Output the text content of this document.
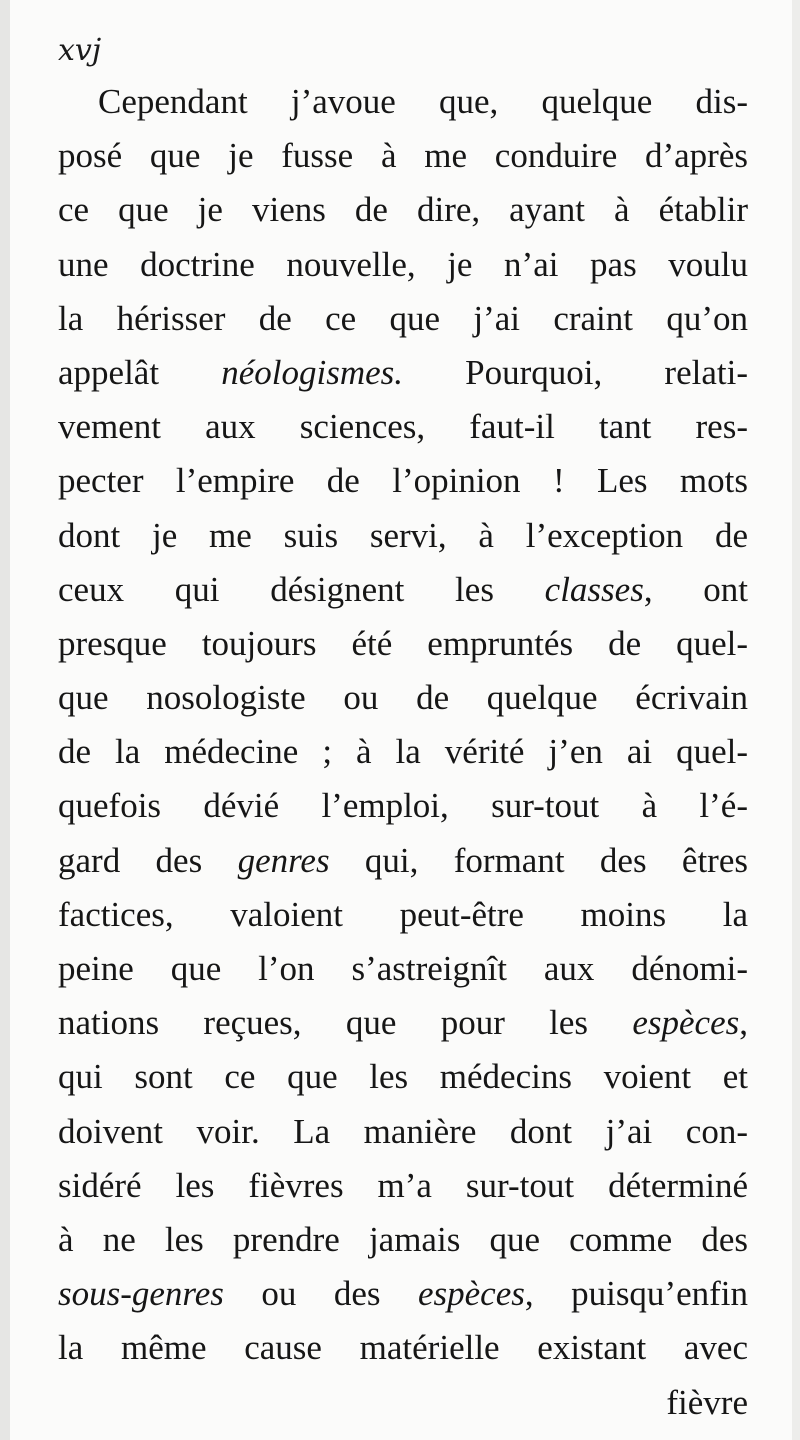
xvj
Cependant j’avoue que, quelque dis-
posé que je fusse à me conduire d’après
ce que je viens de dire, ayant à établir
une doctrine nouvelle, je n’ai pas voulu
la hérisser de ce que j’ai craint qu’on
appelât néologismes. Pourquoi, relati-
vement aux sciences, faut-il tant res-
pecter l’empire de l’opinion ! Les mots
dont je me suis servi, à l’exception de
ceux qui désignent les classes, ont
presque toujours été empruntés de quel-
que nosologiste ou de quelque écrivain
de la médecine ; à la vérité j’en ai quel-
quefois dévié l’emploi, sur-tout à l’é-
gard des genres qui, formant des êtres
factices, valoient peut-être moins la
peine que l’on s’astreignît aux dénomi-
nations reçues, que pour les espèces,
qui sont ce que les médecins voient et
doivent voir. La manière dont j’ai con-
sidéré les fièvres m’a sur-tout déterminé
à ne les prendre jamais que comme des
sous-genres ou des espèces, puisqu’enfin
la même cause matérielle existant avec
fièvre
